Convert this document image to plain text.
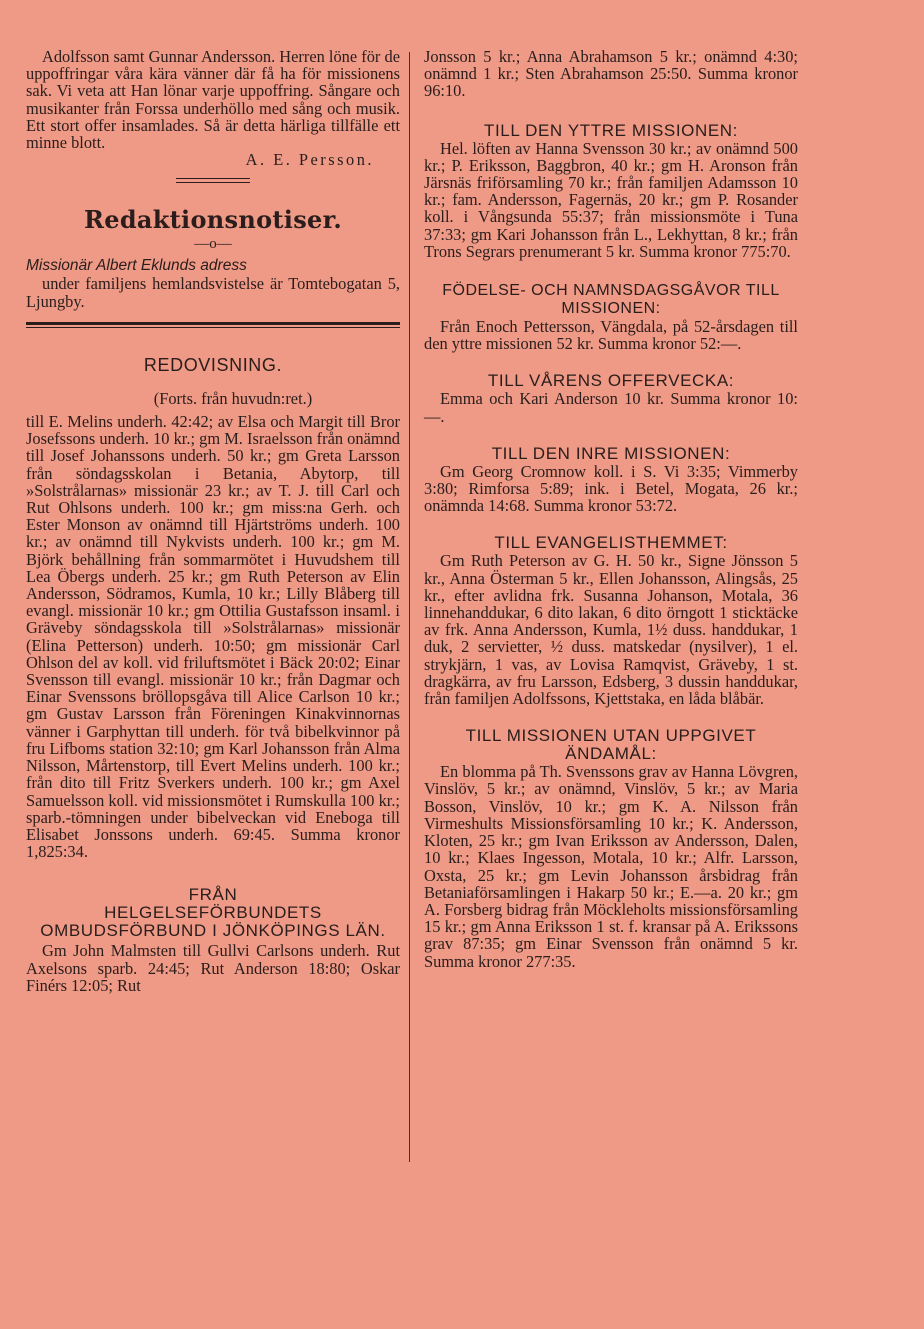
Adolfsson samt Gunnar Andersson. Herren löne för de uppoffringar våra kära vänner där få ha för missionens sak. Vi veta att Han lönar varje uppoffring. Sångare och musikanter från Forssa underhöllo med sång och musik. Ett stort offer insamlades. Så är detta härliga tillfälle ett minne blott.

A. E. Persson.

Redaktionsnotiser.
—o—
Missionär Albert Eklunds adress

under familjens hemlandsvistelse är Tomtebogatan 5, Ljungby.

REDOVISNING.

(Forts. från huvudn:ret.)

till E. Melins underh. 42:42; av Elsa och Margit till Bror Josefssons underh. 10 kr.; gm M. Israelsson från onämnd till Josef Johanssons underh. 50 kr.; gm Greta Larsson från söndagsskolan i Betania, Abytorp, till »Solstrålarnas» missionär 23 kr.; av T. J. till Carl och Rut Ohlsons underh. 100 kr.; gm miss:na Gerh. och Ester Monson av onämnd till Hjärtströms underh. 100 kr.; av onämnd till Nykvists underh. 100 kr.; gm M. Björk behållning från sommarmötet i Huvudshem till Lea Öbergs underh. 25 kr.; gm Ruth Peterson av Elin Andersson, Södramos, Kumla, 10 kr.; Lilly Blåberg till evangl. missionär 10 kr.; gm Ottilia Gustafsson insaml. i Gräveby söndagsskola till »Solstrålarnas» missionär (Elina Petterson) underh. 10:50; gm missionär Carl Ohlson del av koll. vid friluftsmötet i Bäck 20:02; Einar Svensson till evangl. missionär 10 kr.; från Dagmar och Einar Svenssons bröllopsgåva till Alice Carlson 10 kr.; gm Gustav Larsson från Föreningen Kinakvinnornas vänner i Garphyttan till underh. för två bibelkvinnor på fru Lifboms station 32:10; gm Karl Johansson från Alma Nilsson, Mårtenstorp, till Evert Melins underh. 100 kr.; från dito till Fritz Sverkers underh. 100 kr.; gm Axel Samuelsson koll. vid missionsmötet i Rumskulla 100 kr.; sparb.-tömningen under bibelveckan vid Eneboga till Elisabet Jonssons underh. 69:45. Summa kronor 1,825:34.

FRÅN
HELGELSEFÖRBUNDETS OMBUDSFÖRBUND I JÖNKÖPINGS LÄN.

Gm John Malmsten till Gullvi Carlsons underh. Rut Axelsons sparb. 24:45; Rut Anderson 18:80; Oskar Finérs 12:05; Rut

Jonsson 5 kr.; Anna Abrahamson 5 kr.; onämnd 4:30; onämnd 1 kr.; Sten Abrahamson 25:50. Summa kronor 96:10.

TILL DEN YTTRE MISSIONEN:

Hel. löften av Hanna Svensson 30 kr.; av onämnd 500 kr.; P. Eriksson, Baggbron, 40 kr.; gm H. Aronson från Järsnäs friförsamling 70 kr.; från familjen Adamsson 10 kr.; fam. Andersson, Fagernäs, 20 kr.; gm P. Rosander koll. i Vångsunda 55:37; från missionsmöte i Tuna 37:33; gm Kari Johansson från L., Lekhyttan, 8 kr.; från Trons Segrars prenumerant 5 kr. Summa kronor 775:70.

FÖDELSE- OCH NAMNSDAGSGÅVOR TILL MISSIONEN:

Från Enoch Pettersson, Vängdala, på 52-årsdagen till den yttre missionen 52 kr. Summa kronor 52:—.

TILL VÅRENS OFFERVECKA:

Emma och Kari Anderson 10 kr. Summa kronor 10:—.

TILL DEN INRE MISSIONEN:

Gm Georg Cromnow koll. i S. Vi 3:35; Vimmerby 3:80; Rimforsa 5:89; ink. i Betel, Mogata, 26 kr.; onämnda 14:68. Summa kronor 53:72.

TILL EVANGELISTHEMMET:

Gm Ruth Peterson av G. H. 50 kr., Signe Jönsson 5 kr., Anna Österman 5 kr., Ellen Johansson, Alingsås, 25 kr., efter avlidna frk. Susanna Johanson, Motala, 36 linnehanddukar, 6 dito lakan, 6 dito örngott 1 sticktäcke av frk. Anna Andersson, Kumla, 1½ duss. handdukar, 1 duk, 2 servietter, ½ duss. matskedar (nysilver), 1 el. strykjärn, 1 vas, av Lovisa Ramqvist, Gräveby, 1 st. dragkärra, av fru Larsson, Edsberg, 3 dussin handdukar, från familjen Adolfssons, Kjettstaka, en låda blåbär.

TILL MISSIONEN UTAN UPPGIVET ÄNDAMÅL:

En blomma på Th. Svenssons grav av Hanna Lövgren, Vinslöv, 5 kr.; av onämnd, Vinslöv, 5 kr.; av Maria Bosson, Vinslöv, 10 kr.; gm K. A. Nilsson från Virmeshults Missionsförsamling 10 kr.; K. Andersson, Kloten, 25 kr.; gm Ivan Eriksson av Andersson, Dalen, 10 kr.; Klaes Ingesson, Motala, 10 kr.; Alfr. Larsson, Oxsta, 25 kr.; gm Levin Johansson årsbidrag från Betaniaförsamlingen i Hakarp 50 kr.; E.—a. 20 kr.; gm A. Forsberg bidrag från Möckleholts missionsförsamling 15 kr.; gm Anna Eriksson 1 st. f. kransar på A. Erikssons grav 87:35; gm Einar Svensson från onämnd 5 kr. Summa kronor 277:35.
